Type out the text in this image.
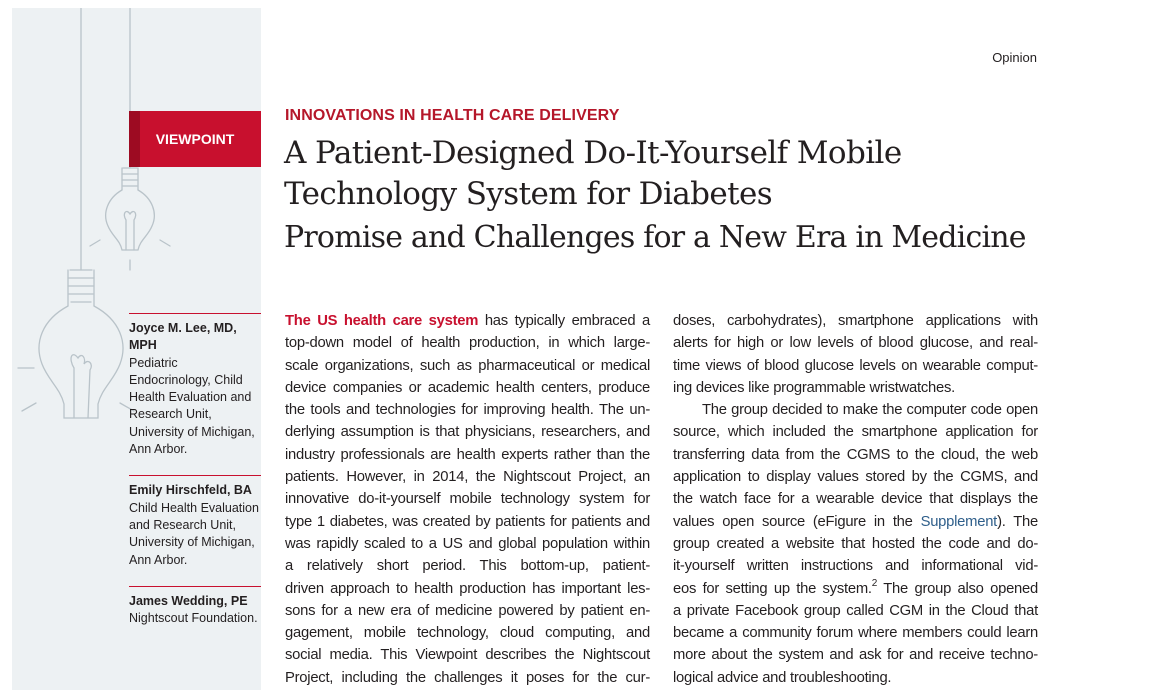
VIEWPOINT
Opinion
INNOVATIONS IN HEALTH CARE DELIVERY
A Patient-Designed Do-It-Yourself Mobile
Technology System for Diabetes
Promise and Challenges for a New Era in Medicine
Joyce M. Lee, MD, MPH
Pediatric Endocrinology, Child Health Evaluation and Research Unit, University of Michigan, Ann Arbor.
Emily Hirschfeld, BA
Child Health Evaluation and Research Unit, University of Michigan, Ann Arbor.
James Wedding, PE
Nightscout Foundation.
The US health care system has typically embraced a
top-down model of health production, in which large-
scale organizations, such as pharmaceutical or medical
device companies or academic health centers, produce
the tools and technologies for improving health. The un-
derlying assumption is that physicians, researchers, and
industry professionals are health experts rather than the
patients. However, in 2014, the Nightscout Project, an
innovative do-it-yourself mobile technology system for
type 1 diabetes, was created by patients for patients and
was rapidly scaled to a US and global population within
a relatively short period. This bottom-up, patient-
driven approach to health production has important les-
sons for a new era of medicine powered by patient en-
gagement, mobile technology, cloud computing, and
social media. This Viewpoint describes the Nightscout
Project, including the challenges it poses for the cur-
doses, carbohydrates), smartphone applications with
alerts for high or low levels of blood glucose, and real-
time views of blood glucose levels on wearable comput-
ing devices like programmable wristwatches.
The group decided to make the computer code open
source, which included the smartphone application for
transferring data from the CGMS to the cloud, the web
application to display values stored by the CGMS, and
the watch face for a wearable device that displays the
values open source (eFigure in the Supplement). The
group created a website that hosted the code and do-
it-yourself written instructions and informational vid-
eos for setting up the system.$^2$ The group also opened
a private Facebook group called CGM in the Cloud that
became a community forum where members could learn
more about the system and ask for and receive techno-
logical advice and troubleshooting.
